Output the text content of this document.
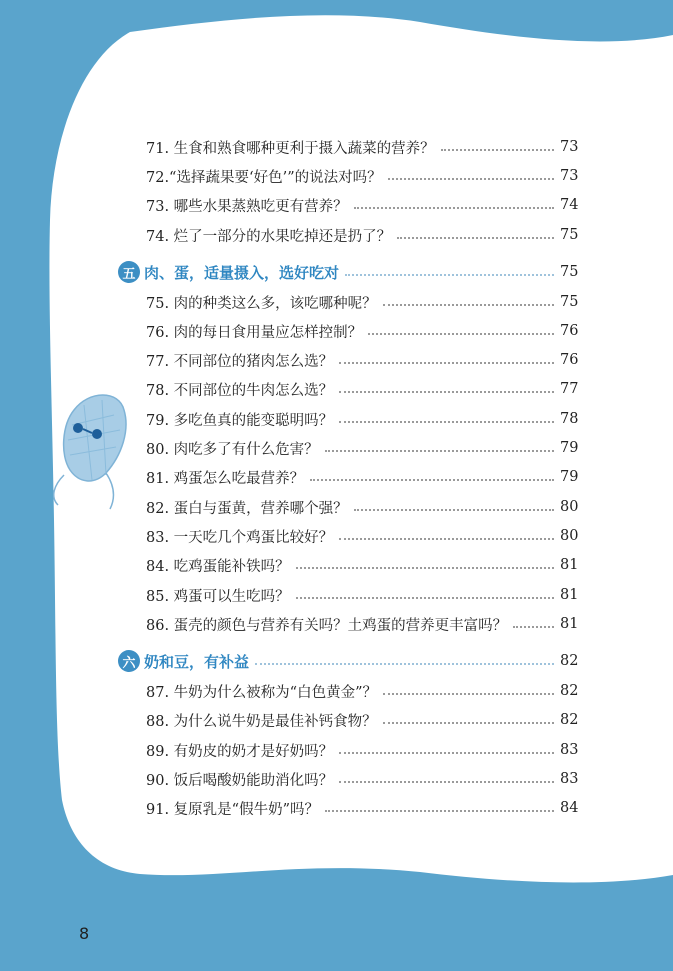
71. 生食和熟食哪种更利于摄入蔬菜的营养？	73
72.“选择蔬果要‘好色’”的说法对吗？	73
73. 哪些水果蒸熟吃更有营养？	74
74. 烂了一部分的水果吃掉还是扔了？	75
五 肉、蛋，适量摄入，选好吃对	75
75. 肉的种类这么多，该吃哪种呢？	75
76. 肉的每日食用量应怎样控制？	76
77. 不同部位的猪肉怎么选？	76
78. 不同部位的牛肉怎么选？	77
79. 多吃鱼真的能变聪明吗？	78
80. 肉吃多了有什么危害？	79
81. 鸡蛋怎么吃最营养？	79
82. 蛋白与蛋黄，营养哪个强？	80
83. 一天吃几个鸡蛋比较好？	80
84. 吃鸡蛋能补铁吗？	81
85. 鸡蛋可以生吃吗？	81
86. 蛋壳的颜色与营养有关吗？土鸡蛋的营养更丰富吗？	81
六 奶和豆，有补益	82
87. 牛奶为什么被称为“白色黄金”？	82
88. 为什么说牛奶是最佳补钙食物？	82
89. 有奶皮的奶才是好奶吗？	83
90. 饭后喝酸奶能助消化吗？	83
91. 复原乳是“假牛奶”吗？	84
8
